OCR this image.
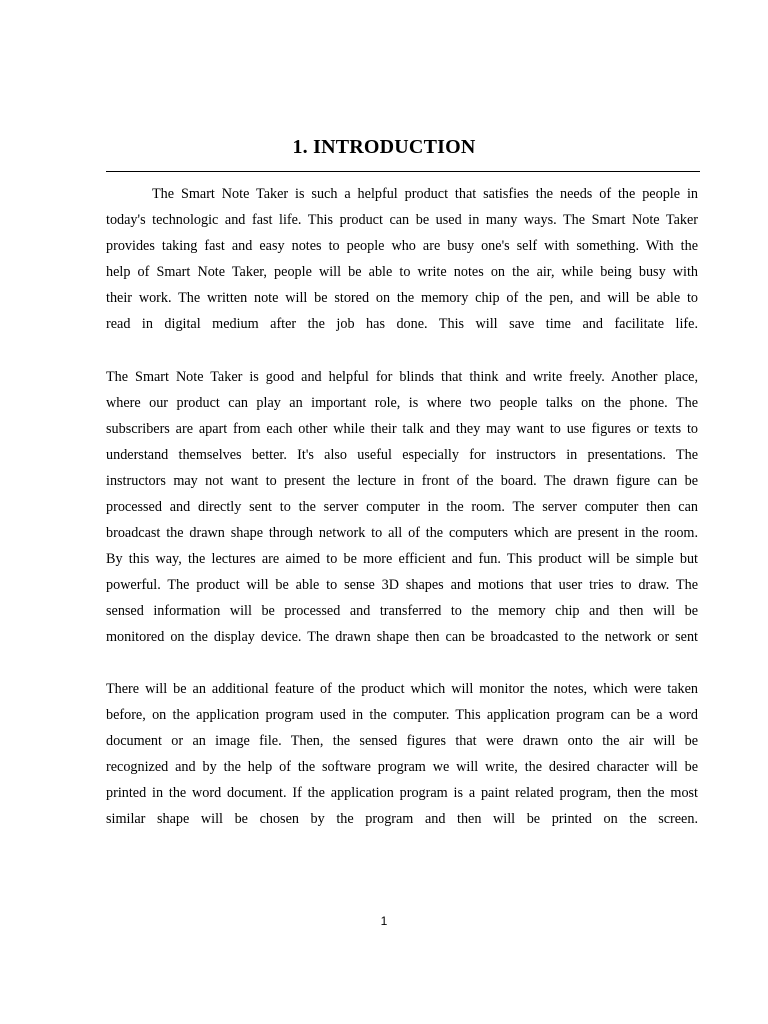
1. INTRODUCTION
The Smart Note Taker is such a helpful product that satisfies the needs of the people in
today's technologic and fast life. This product can be used in many ways. The Smart Note Taker
provides taking fast and easy notes to people who are busy one's self with something. With the
help of Smart Note Taker, people will be able to write notes on the air, while being busy with
their work. The written note will be stored on the memory chip of the pen, and will be able to
read in digital medium after the job has done. This will save time and facilitate life.
The Smart Note Taker is good and helpful for blinds that think and write freely. Another place,
where our product can play an important role, is where two people talks on the phone. The
subscribers are apart from each other while their talk and they may want to use figures or texts to
understand themselves better. It's also useful especially for instructors in presentations. The
instructors may not want to present the lecture in front of the board. The drawn figure can be
processed and directly sent to the server computer in the room. The server computer then can
broadcast the drawn shape through network to all of the computers which are present in the room.
By this way, the lectures are aimed to be more efficient and fun. This product will be simple but
powerful. The product will be able to sense 3D shapes and motions that user tries to draw. The
sensed information will be processed and transferred to the memory chip and then will be
monitored on the display device. The drawn shape then can be broadcasted to the network or sent
There will be an additional feature of the product which will monitor the notes, which were taken
before, on the application program used in the computer. This application program can be a word
document or an image file. Then, the sensed figures that were drawn onto the air will be
recognized and by the help of the software program we will write, the desired character will be
printed in the word document. If the application program is a paint related program, then the most
similar shape will be chosen by the program and then will be printed on the screen.
1
